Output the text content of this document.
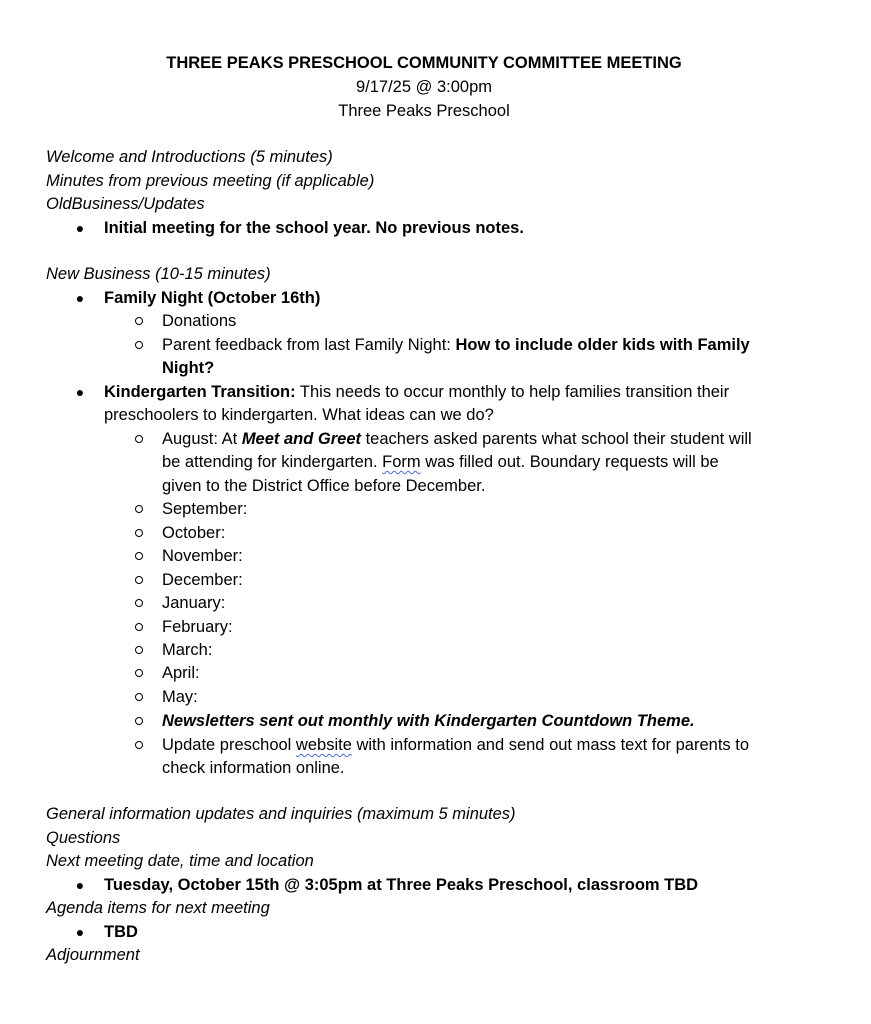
THREE PEAKS PRESCHOOL COMMUNITY COMMITTEE MEETING
9/17/25 @ 3:00pm
Three Peaks Preschool
Welcome and Introductions (5 minutes)
Minutes from previous meeting (if applicable)
OldBusiness/Updates
● Initial meeting for the school year. No previous notes.
New Business (10-15 minutes)
● Family Night (October 16th)
Donations
Parent feedback from last Family Night: How to include older kids with Family
Night?
● Kindergarten Transition: This needs to occur monthly to help families transition their
preschoolers to kindergarten. What ideas can we do?
August: At Meet and Greet teachers asked parents what school their student will
be attending for kindergarten. Form was filled out. Boundary requests will be
given to the District Office before December.
September:
October:
November:
December:
January:
February:
March:
April:
May:
Newsletters sent out monthly with Kindergarten Countdown Theme.
Update preschool website with information and send out mass text for parents to
check information online.
General information updates and inquiries (maximum 5 minutes)
Questions
Next meeting date, time and location
● Tuesday, October 15th @ 3:05pm at Three Peaks Preschool, classroom TBD
Agenda items for next meeting
● TBD
Adjournment
